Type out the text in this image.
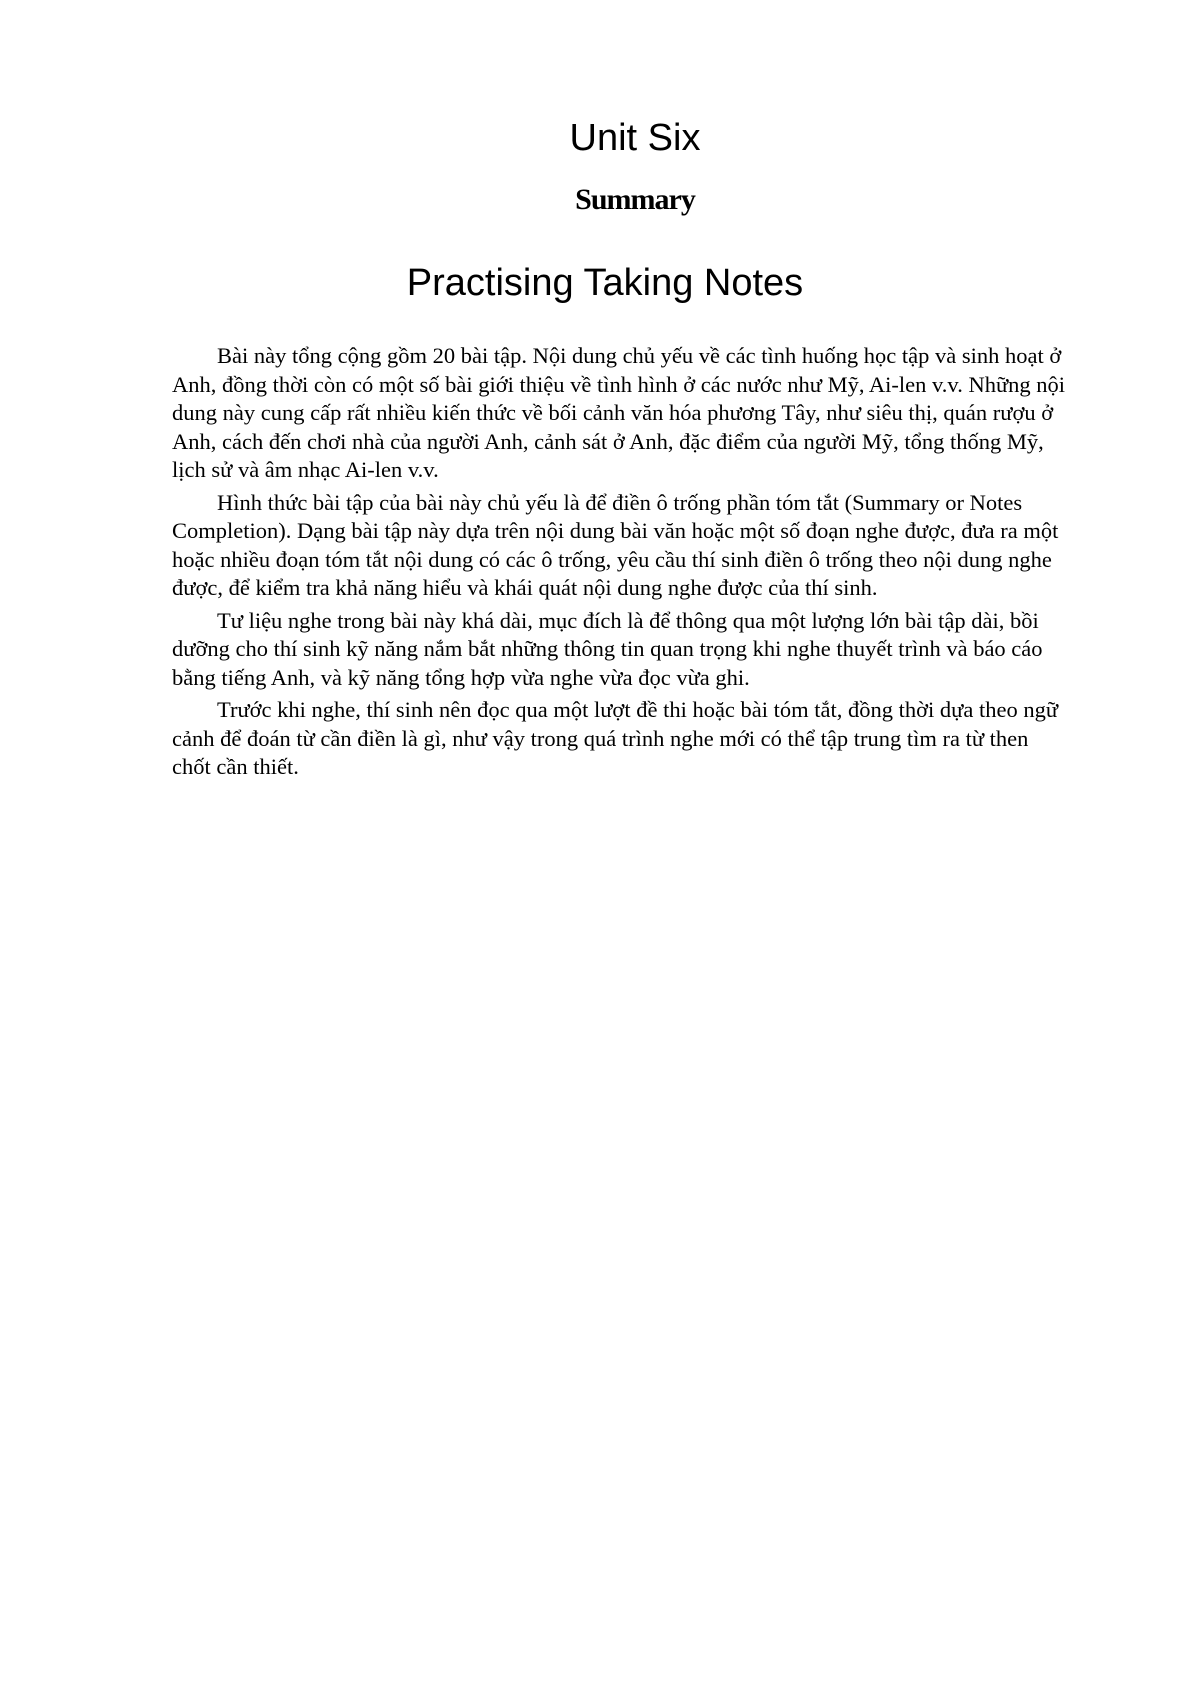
Unit Six
Summary
Practising Taking Notes

Bài này tổng cộng gồm 20 bài tập. Nội dung chủ yếu về các tình huống học tập và sinh hoạt ở Anh, đồng thời còn có một số bài giới thiệu về tình hình ở các nước như Mỹ, Ai-len v.v. Những nội dung này cung cấp rất nhiều kiến thức về bối cảnh văn hóa phương Tây, như siêu thị, quán rượu ở Anh, cách đến chơi nhà của người Anh, cảnh sát ở Anh, đặc điểm của người Mỹ, tổng thống Mỹ, lịch sử và âm nhạc Ai-len v.v.

Hình thức bài tập của bài này chủ yếu là để điền ô trống phần tóm tắt (Summary or Notes Completion). Dạng bài tập này dựa trên nội dung bài văn hoặc một số đoạn nghe được, đưa ra một hoặc nhiều đoạn tóm tắt nội dung có các ô trống, yêu cầu thí sinh điền ô trống theo nội dung nghe được, để kiểm tra khả năng hiểu và khái quát nội dung nghe được của thí sinh.

Tư liệu nghe trong bài này khá dài, mục đích là để thông qua một lượng lớn bài tập dài, bồi dưỡng cho thí sinh kỹ năng nắm bắt những thông tin quan trọng khi nghe thuyết trình và báo cáo bằng tiếng Anh, và kỹ năng tổng hợp vừa nghe vừa đọc vừa ghi.

Trước khi nghe, thí sinh nên đọc qua một lượt đề thi hoặc bài tóm tắt, đồng thời dựa theo ngữ cảnh để đoán từ cần điền là gì, như vậy trong quá trình nghe mới có thể tập trung tìm ra từ then chốt cần thiết.
